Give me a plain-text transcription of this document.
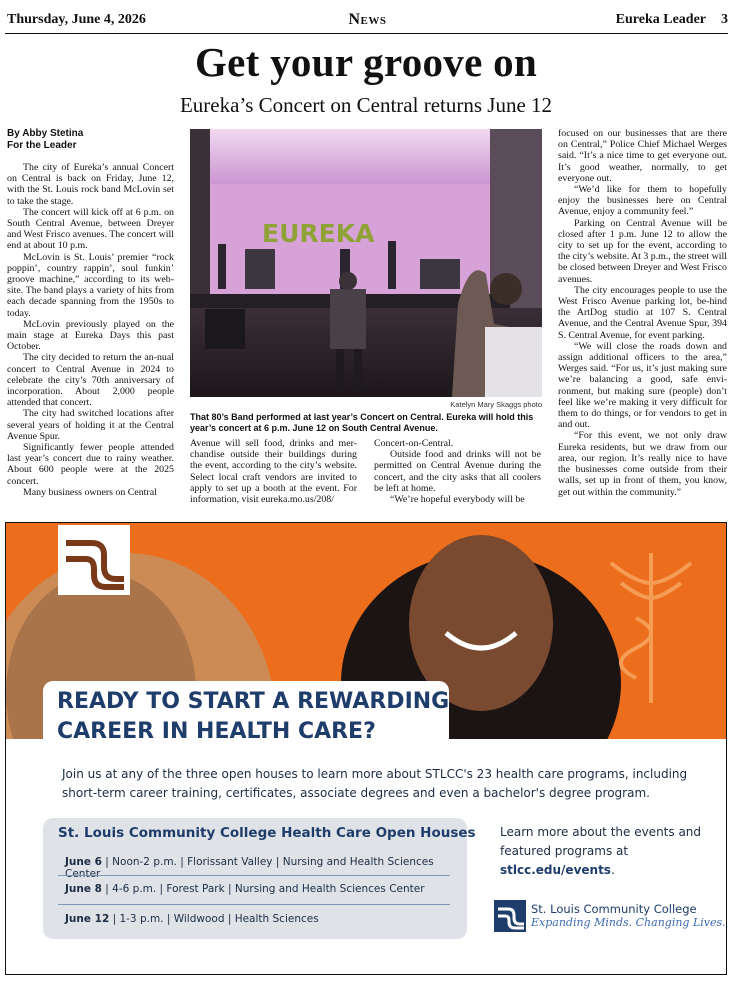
Thursday, June 4, 2026	News	Eureka Leader 3
Get your groove on
Eureka’s Concert on Central returns June 12
By Abby Stetina
For the Leader

The city of Eureka’s annual Concert on Central is back on Friday, June 12, with the St. Louis rock band McLovin set to take the stage.

The concert will kick off at 6 p.m. on South Central Avenue, between Dreyer and West Frisco avenues. The concert will end at about 10 p.m.

McLovin is St. Louis’ premier “rock poppin’, country rappin’, soul funkin’ groove machine,” according to its web-site. The band plays a variety of hits from each decade spanning from the 1950s to today.

McLovin previously played on the main stage at Eureka Days this past October.

The city decided to return the an-nual concert to Central Avenue in 2024 to celebrate the city’s 70th anniversary of incorporation. About 2,000 people attended that concert.

The city had switched locations after several years of holding it at the Central Avenue Spur.

Significantly fewer people attended last year’s concert due to rainy weather. About 600 people were at the 2025 concert.

Many business owners on Central

Avenue will sell food, drinks and mer-chandise outside their buildings during the event, according to the city’s website. Select local craft vendors are invited to apply to set up a booth at the event. For information, visit eureka.mo.us/208/

Concert-on-Central.

Outside food and drinks will not be permitted on Central Avenue during the concert, and the city asks that all coolers be left at home.

“We’re hopeful everybody will be

focused on our businesses that are there on Central,” Police Chief Michael Werges said. “It’s a nice time to get everyone out. It’s good weather, normally, to get everyone out.

“We’d like for them to hopefully enjoy the businesses here on Central Avenue, enjoy a community feel.”

Parking on Central Avenue will be closed after 1 p.m. June 12 to allow the city to set up for the event, according to the city’s website. At 3 p.m., the street will be closed between Dreyer and West Frisco avenues.

The city encourages people to use the West Frisco Avenue parking lot, be-hind the ArtDog studio at 107 S. Central Avenue, and the Central Avenue Spur, 394 S. Central Avenue, for event parking.

“We will close the roads down and assign additional officers to the area,” Werges said. “For us, it’s just making sure we’re balancing a good, safe envi-ronment, but making sure (people) don’t feel like we’re making it very difficult for them to do things, or for vendors to get in and out.

“For this event, we not only draw Eureka residents, but we draw from our area, our region. It’s really nice to have the businesses come outside from their walls, set up in front of them, you know, get out within the community.”

EUREKA
Katelyn Mary Skaggs photo
That 80’s Band performed at last year’s Concert on Central. Eureka will hold this year’s concert at 6 p.m. June 12 on South Central Avenue.
READY TO START A REWARDING
CAREER IN HEALTH CARE?
Join us at any of the three open houses to learn more about STLCC's 23 health care programs, including short-term career training, certificates, associate degrees and even a bachelor's degree program.
St. Louis Community College Health Care Open Houses
June 6 | Noon-2 p.m. | Florissant Valley | Nursing and Health Sciences Center
June 8 | 4-6 p.m. | Forest Park | Nursing and Health Sciences Center
June 12 | 1-3 p.m. | Wildwood | Health Sciences
Learn more about the events and featured programs at stlcc.edu/events.
St. Louis Community College
Expanding Minds. Changing Lives.
